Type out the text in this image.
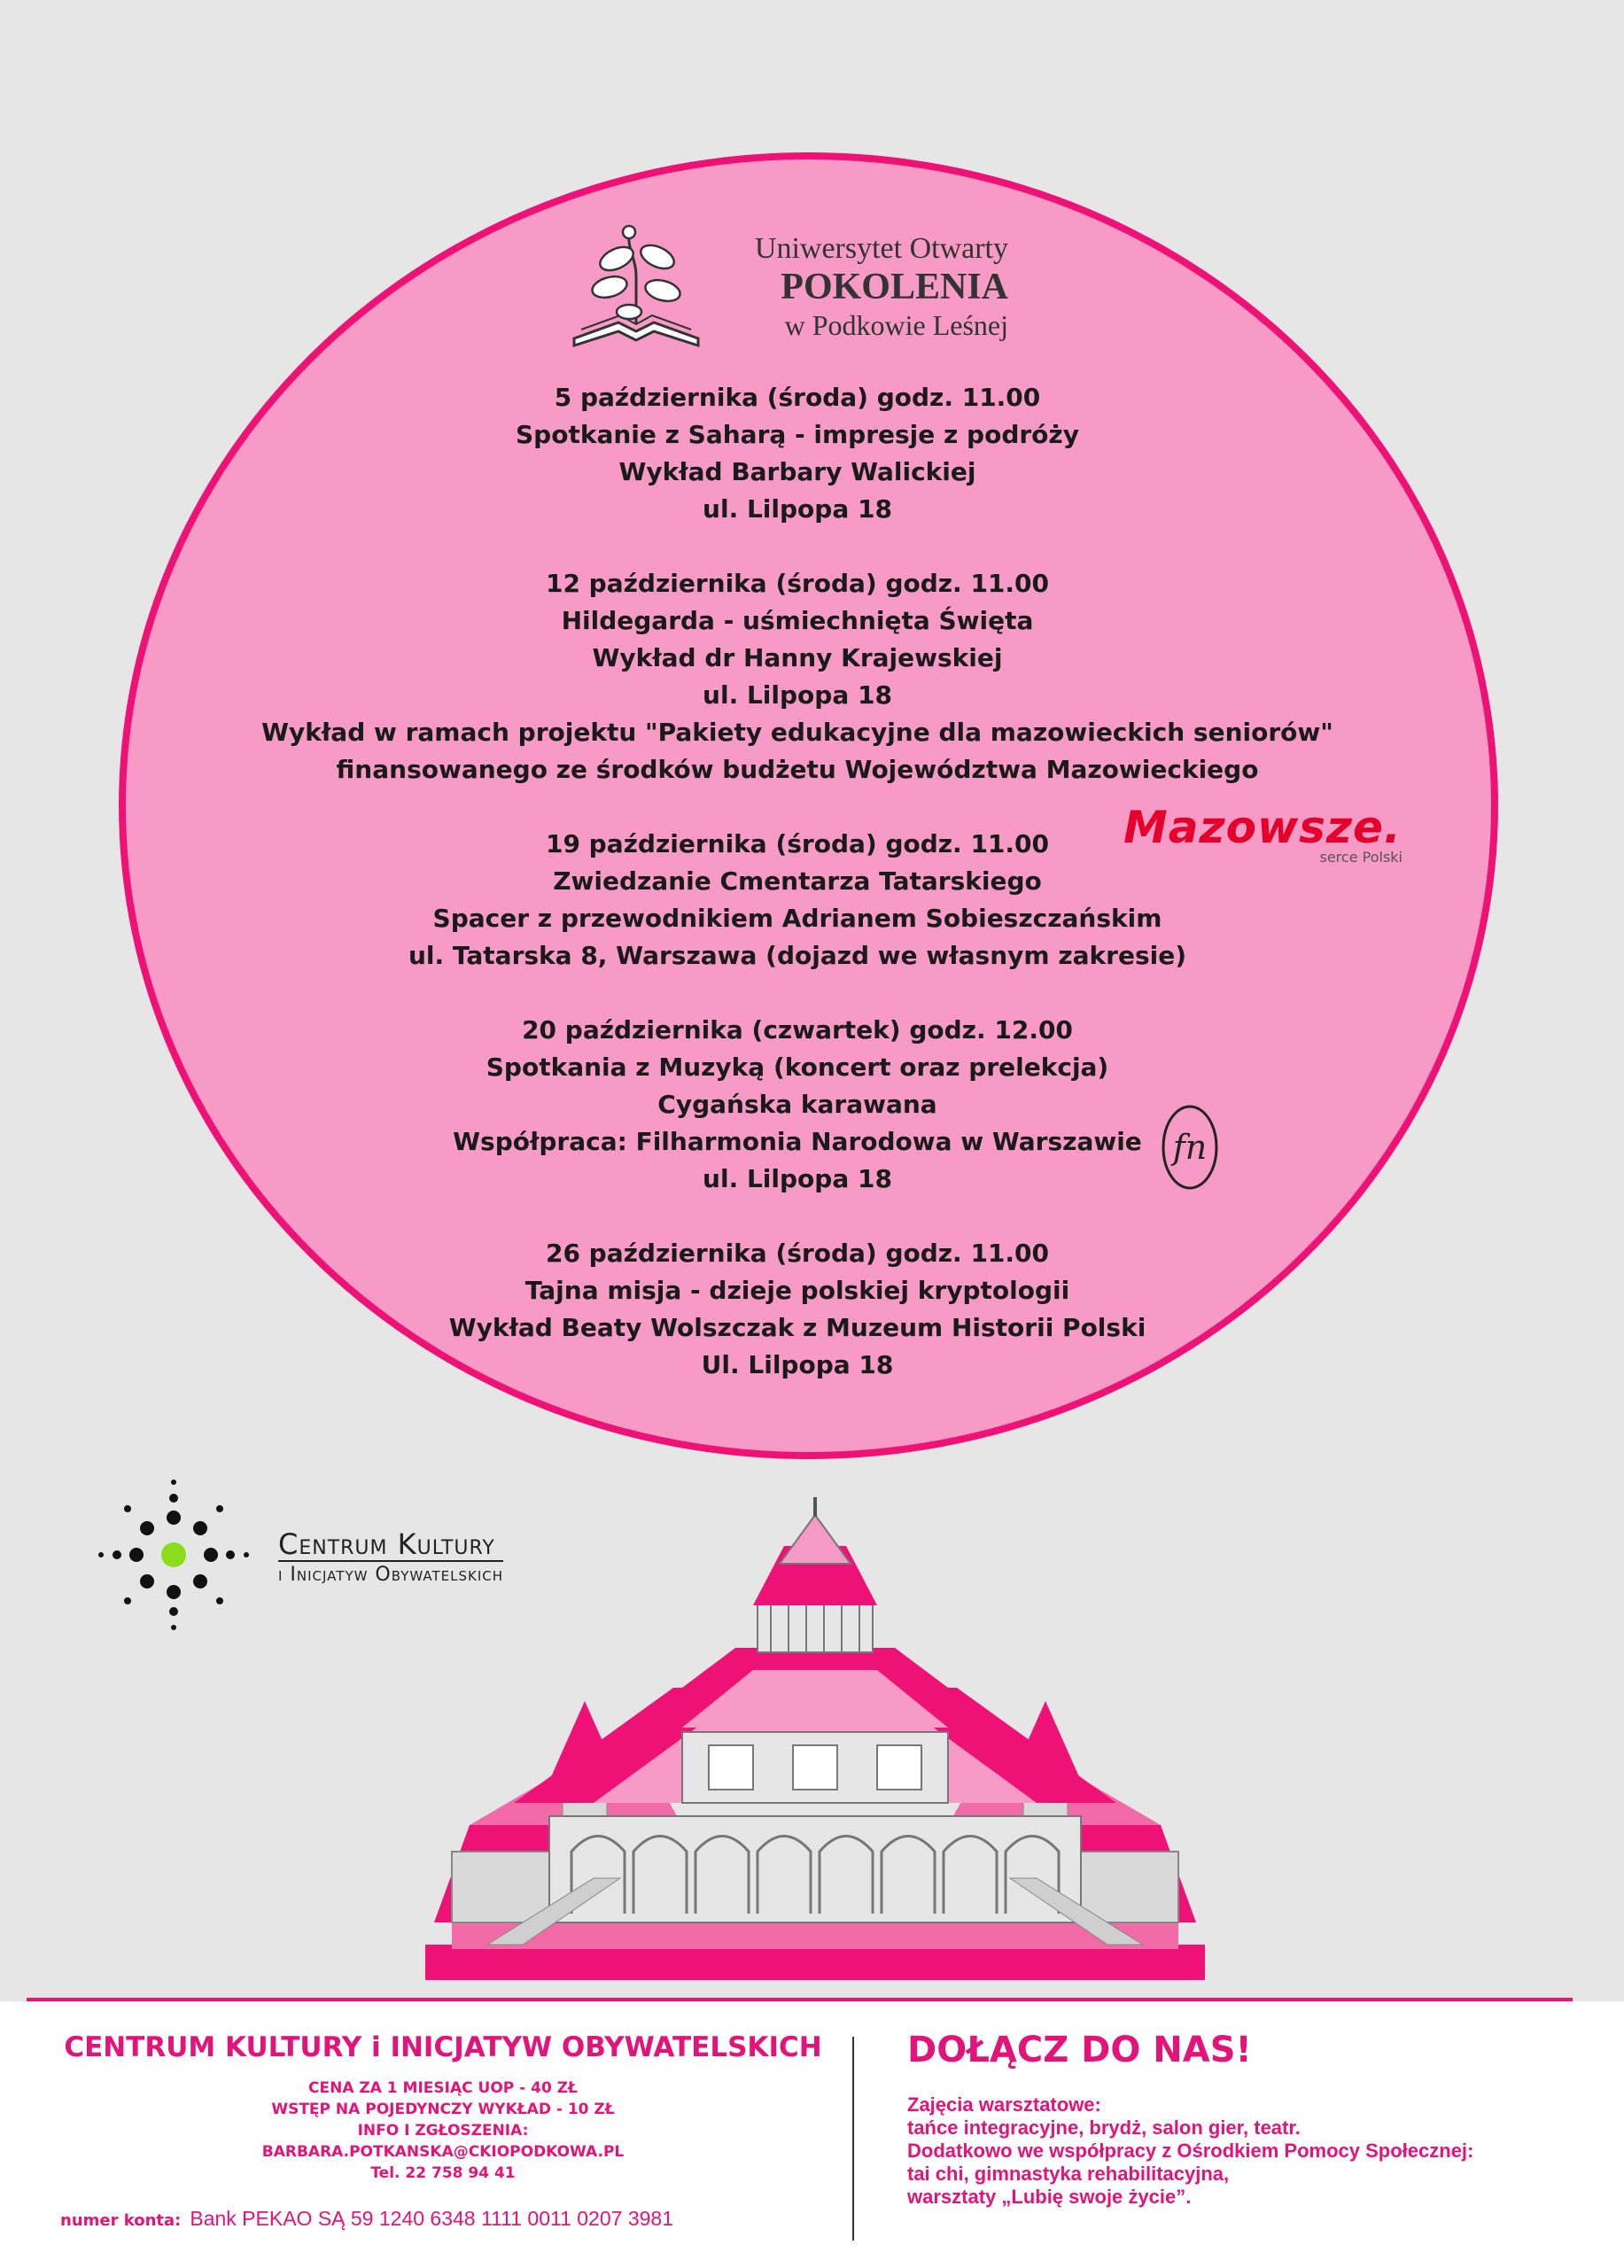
Uniwersytet Otwarty
POKOLENIA
w Podkowie Leśnej
5 października (środa) godz. 11.00
Spotkanie z Saharą - impresje z podróży
Wykład Barbary Walickiej
ul. Lilpopa 18
12 października (środa) godz. 11.00
Hildegarda - uśmiechnięta Święta
Wykład dr Hanny Krajewskiej
ul. Lilpopa 18
Wykład w ramach projektu "Pakiety edukacyjne dla mazowieckich seniorów"
finansowanego ze środków budżetu Województwa Mazowieckiego
19 października (środa) godz. 11.00
Zwiedzanie Cmentarza Tatarskiego
Spacer z przewodnikiem Adrianem Sobieszczańskim
ul. Tatarska 8, Warszawa (dojazd we własnym zakresie)
20 października (czwartek) godz. 12.00
Spotkania z Muzyką (koncert oraz prelekcja)
Cygańska karawana
Współpraca: Filharmonia Narodowa w Warszawie
ul. Lilpopa 18
26 października (środa) godz. 11.00
Tajna misja - dzieje polskiej kryptologii
Wykład Beaty Wolszczak z Muzeum Historii Polski
Ul. Lilpopa 18
Mazowsze.
serce Polski
fn
Centrum Kultury
i Inicjatyw Obywatelskich
CENTRUM KULTURY i INICJATYW OBYWATELSKICH
CENA ZA 1 MIESIĄC UOP - 40 ZŁ
WSTĘP NA POJEDYNCZY WYKŁAD - 10 ZŁ
INFO I ZGŁOSZENIA:
BARBARA.POTKANSKA@CKIOPODKOWA.PL
Tel. 22 758 94 41
numer konta: Bank PEKAO SĄ 59 1240 6348 1111 0011 0207 3981
DOŁĄCZ DO NAS!
Zajęcia warsztatowe:
tańce integracyjne, brydż, salon gier, teatr.
Dodatkowo we współpracy z Ośrodkiem Pomocy Społecznej:
tai chi, gimnastyka rehabilitacyjna,
warsztaty „Lubię swoje życie”.
